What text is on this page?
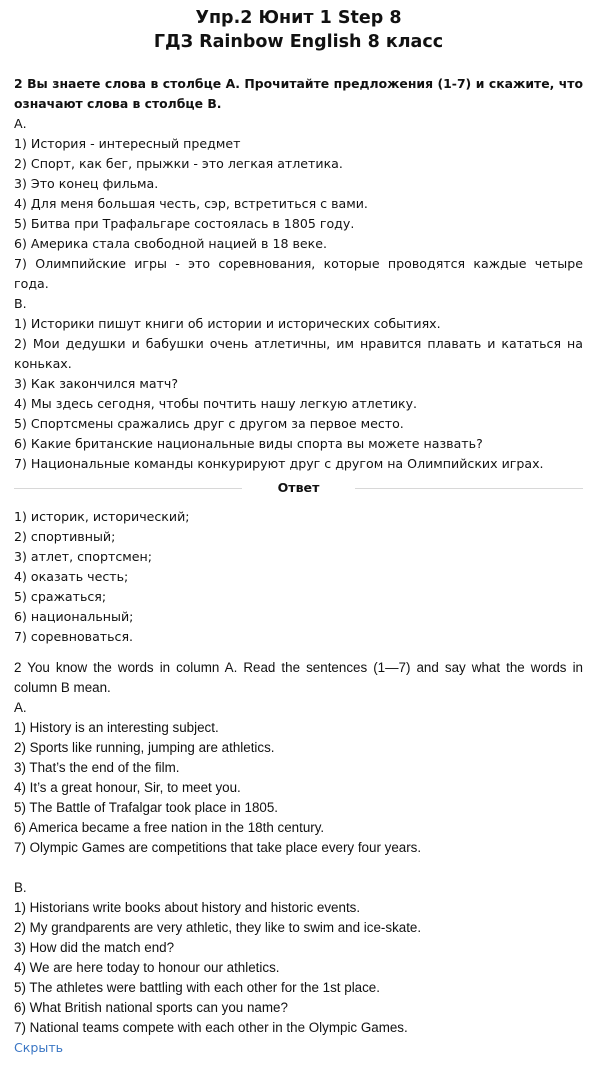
Упр.2 Юнит 1 Step 8
ГДЗ Rainbow English 8 класс
2 Вы знаете слова в столбце А. Прочитайте предложения (1-7) и скажите, что означают слова в столбце В.
А.
1) История - интересный предмет
2) Спорт, как бег, прыжки - это легкая атлетика.
3) Это конец фильма.
4) Для меня большая честь, сэр, встретиться с вами.
5) Битва при Трафальгаре состоялась в 1805 году.
6) Америка стала свободной нацией в 18 веке.
7) Олимпийские игры - это соревнования, которые проводятся каждые четыре года.
В.
1) Историки пишут книги об истории и исторических событиях.
2) Мои дедушки и бабушки очень атлетичны, им нравится плавать и кататься на коньках.
3) Как закончился матч?
4) Мы здесь сегодня, чтобы почтить нашу легкую атлетику.
5) Спортсмены сражались друг с другом за первое место.
6) Какие британские национальные виды спорта вы можете назвать?
7) Национальные команды конкурируют друг с другом на Олимпийских играх.
Ответ
1) историк, исторический;
2) спортивный;
3) атлет, спортсмен;
4) оказать честь;
5) сражаться;
6) национальный;
7) соревноваться.
2 You know the words in column A. Read the sentences (1—7) and say what the words in column B mean.
A.
1) History is an interesting subject.
2) Sports like running, jumping are athletics.
3) That’s the end of the film.
4) It’s a great honour, Sir, to meet you.
5) The Battle of Trafalgar took place in 1805.
6) America became a free nation in the 18th century.
7) Olympic Games are competitions that take place every four years.
B.
1) Historians write books about history and historic events.
2) My grandparents are very athletic, they like to swim and ice-skate.
3) How did the match end?
4) We are here today to honour our athletics.
5) The athletes were battling with each other for the 1st place.
6) What British national sports can you name?
7) National teams compete with each other in the Olympic Games.
Скрыть
